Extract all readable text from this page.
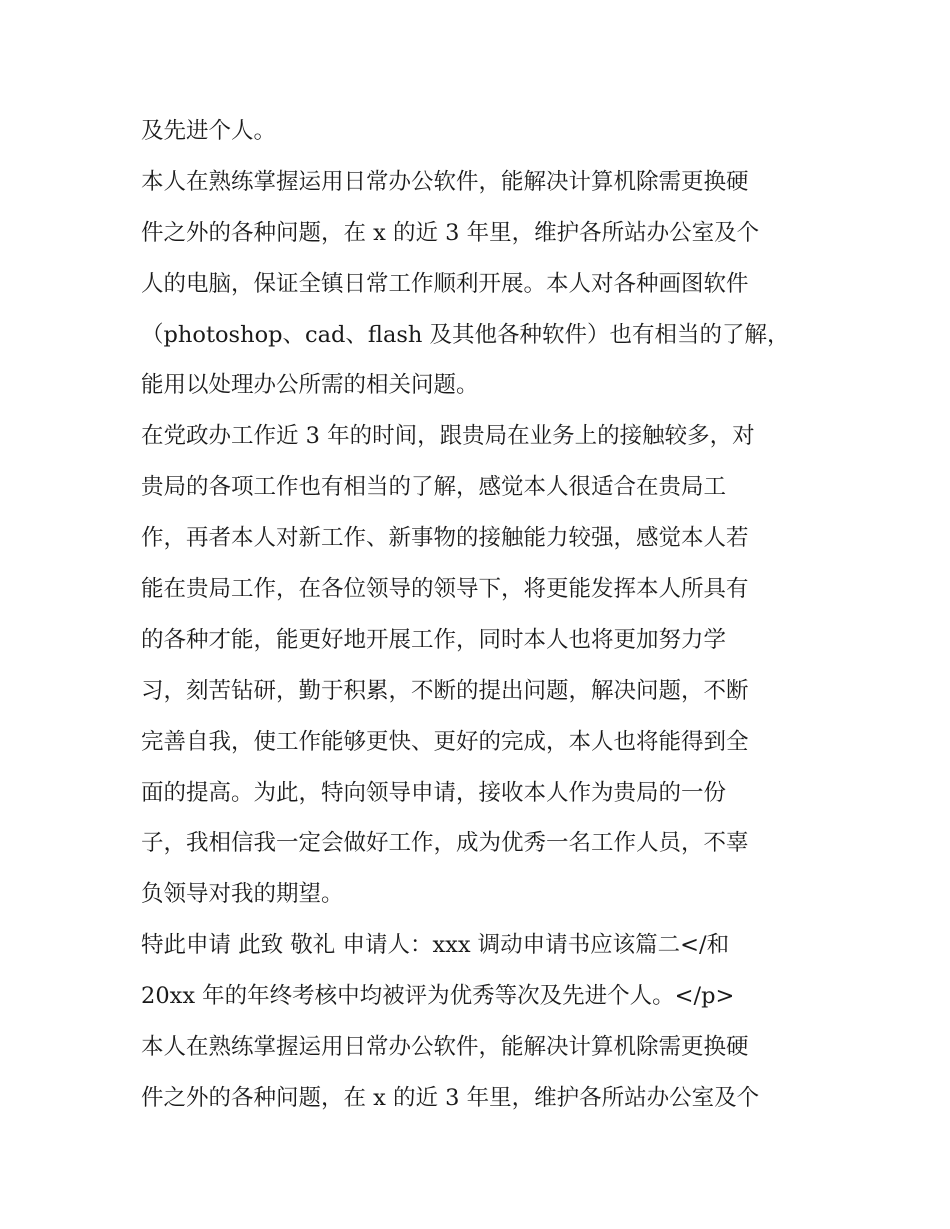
及先进个人。
本人在熟练掌握运用日常办公软件，能解决计算机除需更换硬
件之外的各种问题，在 x 的近 3 年里，维护各所站办公室及个
人的电脑，保证全镇日常工作顺利开展。本人对各种画图软件
（photoshop、cad、flash 及其他各种软件）也有相当的了解，
能用以处理办公所需的相关问题。
在党政办工作近 3 年的时间，跟贵局在业务上的接触较多，对
贵局的各项工作也有相当的了解，感觉本人很适合在贵局工
作，再者本人对新工作、新事物的接触能力较强，感觉本人若
能在贵局工作，在各位领导的领导下，将更能发挥本人所具有
的各种才能，能更好地开展工作，同时本人也将更加努力学
习，刻苦钻研，勤于积累，不断的提出问题，解决问题，不断
完善自我，使工作能够更快、更好的完成，本人也将能得到全
面的提高。为此，特向领导申请，接收本人作为贵局的一份
子，我相信我一定会做好工作，成为优秀一名工作人员，不辜
负领导对我的期望。
特此申请 此致 敬礼 申请人：xxx 调动申请书应该篇二</和
20xx 年的年终考核中均被评为优秀等次及先进个人。</p>
本人在熟练掌握运用日常办公软件，能解决计算机除需更换硬
件之外的各种问题，在 x 的近 3 年里，维护各所站办公室及个
